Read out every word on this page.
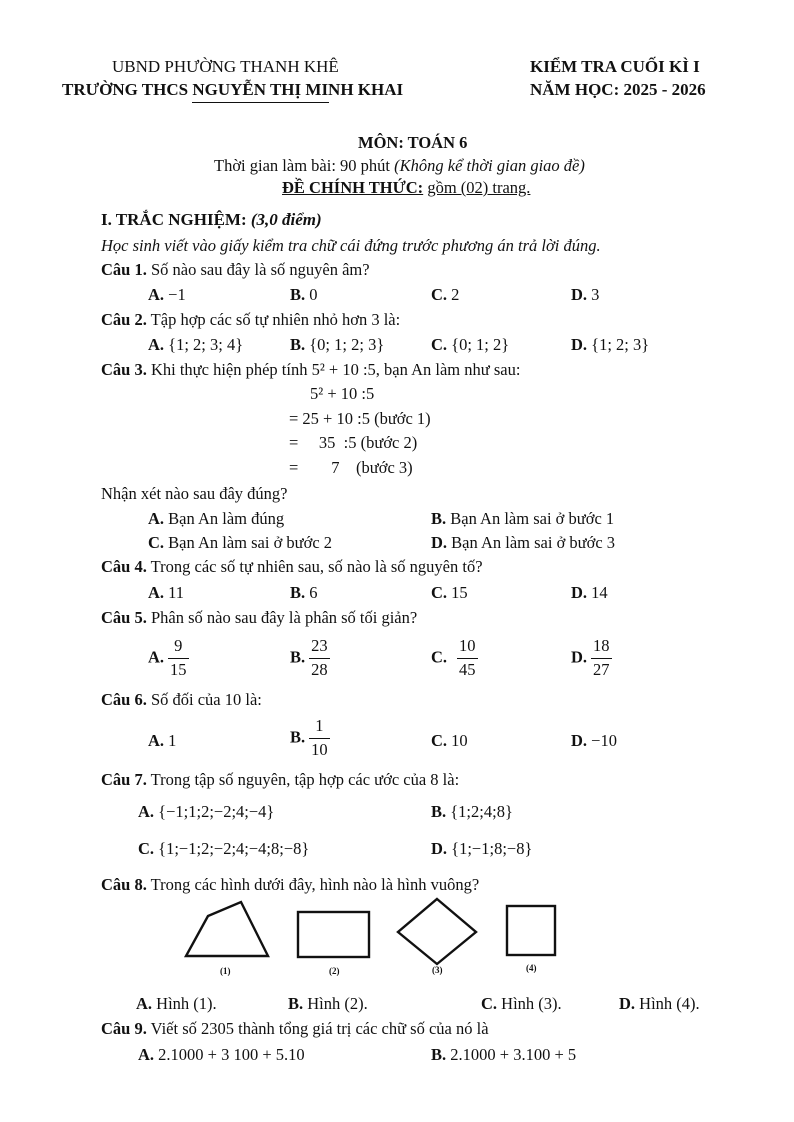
UBND PHƯỜNG THANH KHÊ
TRƯỜNG THCS NGUYỄN THỊ MINH KHAI
KIỂM TRA CUỐI KÌ I
NĂM HỌC: 2025 - 2026
MÔN: TOÁN 6
Thời gian làm bài: 90 phút (Không kể thời gian giao đề)
ĐỀ CHÍNH THỨC: gồm (02) trang.
I. TRẮC NGHIỆM: (3,0 điểm)
Học sinh viết vào giấy kiểm tra chữ cái đứng trước phương án trả lời đúng.
Câu 1. Số nào sau đây là số nguyên âm?
A. −1	B. 0	C. 2	D. 3
Câu 2. Tập hợp các số tự nhiên nhỏ hơn 3 là:
A. {1; 2; 3; 4}	B. {0; 1; 2; 3}	C. {0; 1; 2}	D. {1; 2; 3}
Câu 3. Khi thực hiện phép tính 5² + 10 :5, bạn An làm như sau:
5² + 10 :5
= 25 + 10 :5 (bước 1)
=     35  :5 (bước 2)
=        7    (bước 3)
Nhận xét nào sau đây đúng?
A. Bạn An làm đúng	B. Bạn An làm sai ở bước 1
C. Bạn An làm sai ở bước 2	D. Bạn An làm sai ở bước 3
Câu 4. Trong các số tự nhiên sau, số nào là số nguyên tố?
A. 11	B. 6	C. 15	D. 14
Câu 5. Phân số nào sau đây là phân số tối giản?
A. $\frac{9}{15}$	B. $\frac{23}{28}$	C. $\frac{10}{45}$	D. $\frac{18}{27}$
Câu 6. Số đối của 10 là:
A. 1	B. $\frac{1}{10}$	C. 10	D. −10
Câu 7. Trong tập số nguyên, tập hợp các ước của 8 là:
A. {−1;1;2;−2;4;−4}	B. {1;2;4;8}
C. {1;−1;2;−2;4;−4;8;−8}	D. {1;−1;8;−8}
Câu 8. Trong các hình dưới đây, hình nào là hình vuông?
(1)	(2)	(3)	(4)
A. Hình (1).	B. Hình (2).	C. Hình (3).	D. Hình (4).
Câu 9. Viết số 2305 thành tổng giá trị các chữ số của nó là
A. 2.1000 + 3 100 + 5.10	B. 2.1000 + 3.100 + 5
